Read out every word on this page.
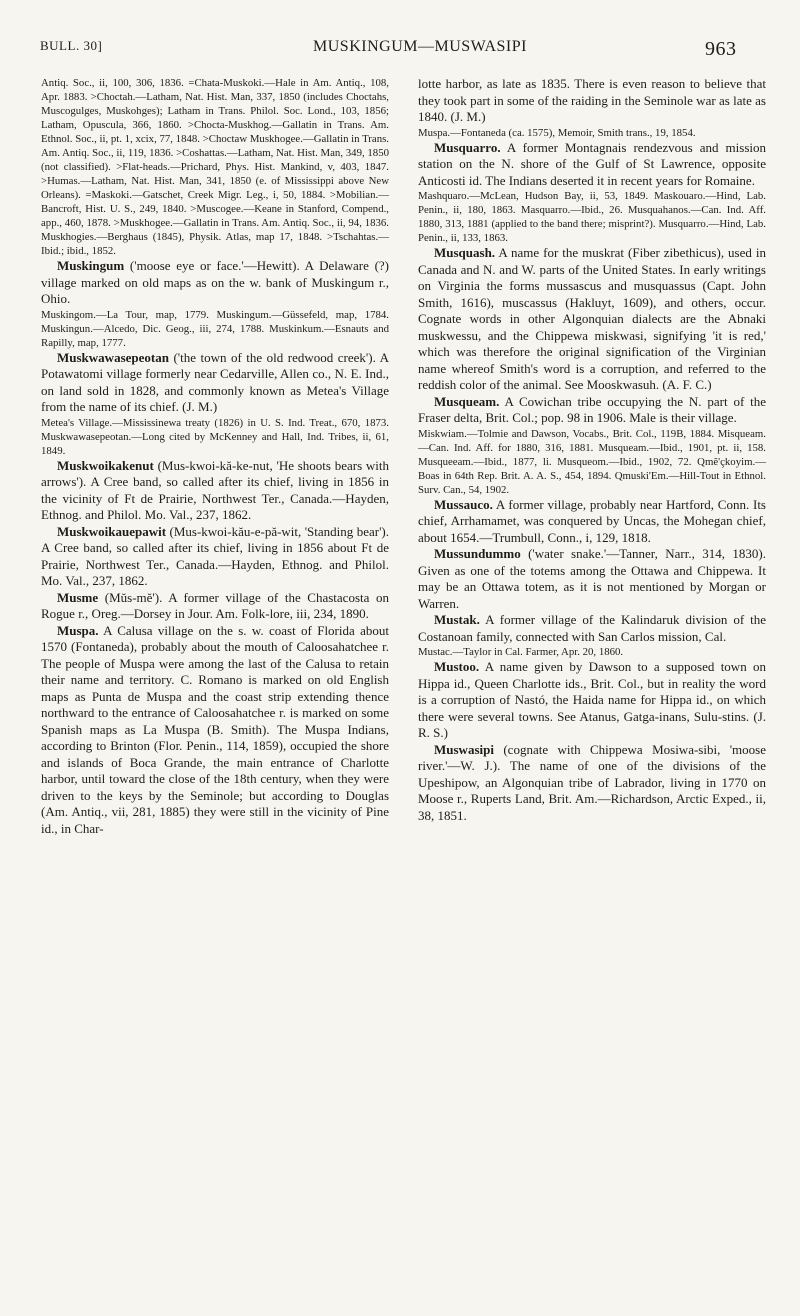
BULL. 30]	MUSKINGUM—MUSWASIPI	963

Antiq. Soc., ii, 100, 306, 1836. =Chata-Muskoki.—Hale in Am. Antiq., 108, Apr. 1883. >Choctah.—Latham, Nat. Hist. Man, 337, 1850 (includes Choctahs, Muscogulges, Muskohges); Latham in Trans. Philol. Soc. Lond., 103, 1856; Latham, Opuscula, 366, 1860. >Chocta-Muskhog.—Gallatin in Trans. Am. Ethnol. Soc., ii, pt. 1, xcix, 77, 1848. >Choctaw Muskhogee.—Gallatin in Trans. Am. Antiq. Soc., ii, 119, 1836. >Coshattas.—Latham, Nat. Hist. Man, 349, 1850 (not classified). >Flat-heads.—Prichard, Phys. Hist. Mankind, v, 403, 1847. >Humas.—Latham, Nat. Hist. Man, 341, 1850 (e. of Mississippi above New Orleans). =Maskoki.—Gatschet, Creek Migr. Leg., i, 50, 1884. >Mobilian.—Bancroft, Hist. U. S., 249, 1840. >Muscogee.—Keane in Stanford, Compend., app., 460, 1878. >Muskhogee.—Gallatin in Trans. Am. Antiq. Soc., ii, 94, 1836. Muskhogies.—Berghaus (1845), Physik. Atlas, map 17, 1848. >Tschahtas.—Ibid.; ibid., 1852.

Muskingum ('moose eye or face.'—Hewitt). A Delaware (?) village marked on old maps as on the w. bank of Muskingum r., Ohio.

Muskingom.—La Tour, map, 1779. Muskingum.—Güssefeld, map, 1784. Muskingun.—Alcedo, Dic. Geog., iii, 274, 1788. Muskinkum.—Esnauts and Rapilly, map, 1777.

Muskwawasepeotan ('the town of the old redwood creek'). A Potawatomi village formerly near Cedarville, Allen co., N. E. Ind., on land sold in 1828, and commonly known as Metea's Village from the name of its chief. (J. M.)

Metea's Village.—Mississinewa treaty (1826) in U. S. Ind. Treat., 670, 1873. Muskwawasepeotan.—Long cited by McKenney and Hall, Ind. Tribes, ii, 61, 1849.

Muskwoikakenut (Mus-kwoi-kă-ke-nut, 'He shoots bears with arrows'). A Cree band, so called after its chief, living in 1856 in the vicinity of Ft de Prairie, Northwest Ter., Canada.—Hayden, Ethnog. and Philol. Mo. Val., 237, 1862.

Muskwoikauepawit (Mus-kwoi-kău-e-pă-wit, 'Standing bear'). A Cree band, so called after its chief, living in 1856 about Ft de Prairie, Northwest Ter., Canada.—Hayden, Ethnog. and Philol. Mo. Val., 237, 1862.

Musme (Mŭs-mĕ'). A former village of the Chastacosta on Rogue r., Oreg.—Dorsey in Jour. Am. Folk-lore, iii, 234, 1890.

Muspa. A Calusa village on the s. w. coast of Florida about 1570 (Fontaneda), probably about the mouth of Caloosahatchee r. The people of Muspa were among the last of the Calusa to retain their name and territory. C. Romano is marked on old English maps as Punta de Muspa and the coast strip extending thence northward to the entrance of Caloosahatchee r. is marked on some Spanish maps as La Muspa (B. Smith). The Muspa Indians, according to Brinton (Flor. Penin., 114, 1859), occupied the shore and islands of Boca Grande, the main entrance of Charlotte harbor, until toward the close of the 18th century, when they were driven to the keys by the Seminole; but according to Douglas (Am. Antiq., vii, 281, 1885) they were still in the vicinity of Pine id., in Char-

lotte harbor, as late as 1835. There is even reason to believe that they took part in some of the raiding in the Seminole war as late as 1840. (J. M.)

Muspa.—Fontaneda (ca. 1575), Memoir, Smith trans., 19, 1854.

Musquarro. A former Montagnais rendezvous and mission station on the N. shore of the Gulf of St Lawrence, opposite Anticosti id. The Indians deserted it in recent years for Romaine.

Mashquaro.—McLean, Hudson Bay, ii, 53, 1849. Maskouaro.—Hind, Lab. Penin., ii, 180, 1863. Masquarro.—Ibid., 26. Musquahanos.—Can. Ind. Aff. 1880, 313, 1881 (applied to the band there; misprint?). Musquarro.—Hind, Lab. Penin., ii, 133, 1863.

Musquash. A name for the muskrat (Fiber zibethicus), used in Canada and N. and W. parts of the United States. In early writings on Virginia the forms mussascus and musquassus (Capt. John Smith, 1616), muscassus (Hakluyt, 1609), and others, occur. Cognate words in other Algonquian dialects are the Abnaki muskwessu, and the Chippewa miskwasi, signifying 'it is red,' which was therefore the original signification of the Virginian name whereof Smith's word is a corruption, and referred to the reddish color of the animal. See Mooskwasuh. (A. F. C.)

Musqueam. A Cowichan tribe occupying the N. part of the Fraser delta, Brit. Col.; pop. 98 in 1906. Male is their village.

Miskwiam.—Tolmie and Dawson, Vocabs., Brit. Col., 119B, 1884. Misqueam.—Can. Ind. Aff. for 1880, 316, 1881. Musqueam.—Ibid., 1901, pt. ii, 158. Musqueeam.—Ibid., 1877, li. Musqueom.—Ibid., 1902, 72. Qmĕ'çkoyim.—Boas in 64th Rep. Brit. A. A. S., 454, 1894. Qmuski'Em.—Hill-Tout in Ethnol. Surv. Can., 54, 1902.

Mussauco. A former village, probably near Hartford, Conn. Its chief, Arrhamamet, was conquered by Uncas, the Mohegan chief, about 1654.—Trumbull, Conn., i, 129, 1818.

Mussundummo ('water snake.'—Tanner, Narr., 314, 1830). Given as one of the totems among the Ottawa and Chippewa. It may be an Ottawa totem, as it is not mentioned by Morgan or Warren.

Mustak. A former village of the Kalindaruk division of the Costanoan family, connected with San Carlos mission, Cal.

Mustac.—Taylor in Cal. Farmer, Apr. 20, 1860.

Mustoo. A name given by Dawson to a supposed town on Hippa id., Queen Charlotte ids., Brit. Col., but in reality the word is a corruption of Nastó, the Haida name for Hippa id., on which there were several towns. See Atanus, Gatga-inans, Sulu-stins. (J. R. S.)

Muswasipi (cognate with Chippewa Mosiwa-sibi, 'moose river.'—W. J.). The name of one of the divisions of the Upeshipow, an Algonquian tribe of Labrador, living in 1770 on Moose r., Ruperts Land, Brit. Am.—Richardson, Arctic Exped., ii, 38, 1851.
